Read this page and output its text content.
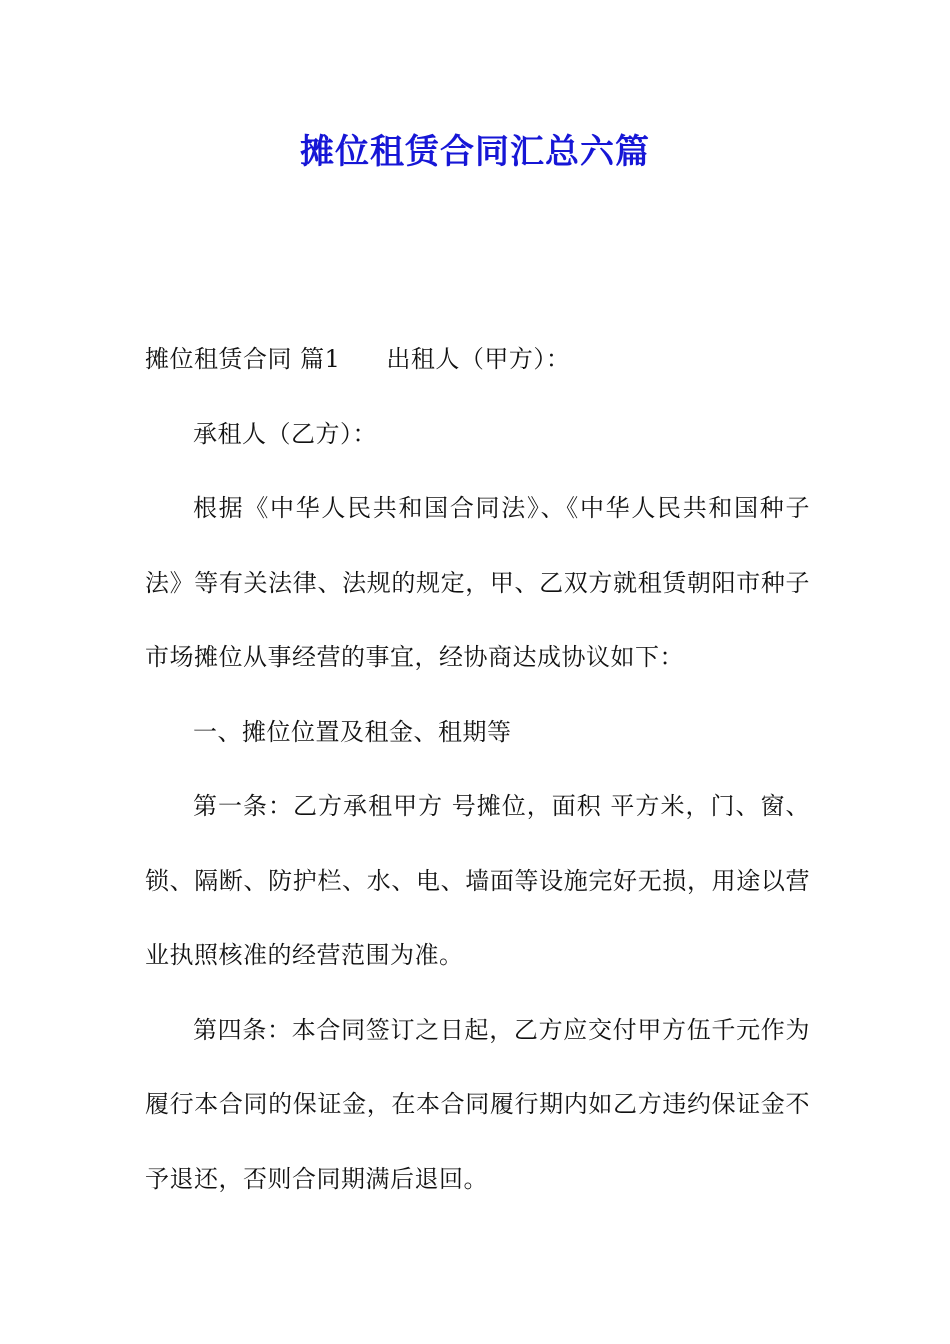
摊位租赁合同汇总六篇

摊位租赁合同 篇1 出租人（甲方）：

承租人（乙方）：

根据《中华人民共和国合同法》、《中华人民共和国种子法》等有关法律、法规的规定，甲、乙双方就租赁朝阳市种子市场摊位从事经营的事宜，经协商达成协议如下：

一、摊位位置及租金、租期等

第一条：乙方承租甲方 号摊位，面积 平方米，门、窗、锁、隔断、防护栏、水、电、墙面等设施完好无损，用途以营业执照核准的经营范围为准。

第四条：本合同签订之日起，乙方应交付甲方伍千元作为履行本合同的保证金，在本合同履行期内如乙方违约保证金不予退还，否则合同期满后退回。
